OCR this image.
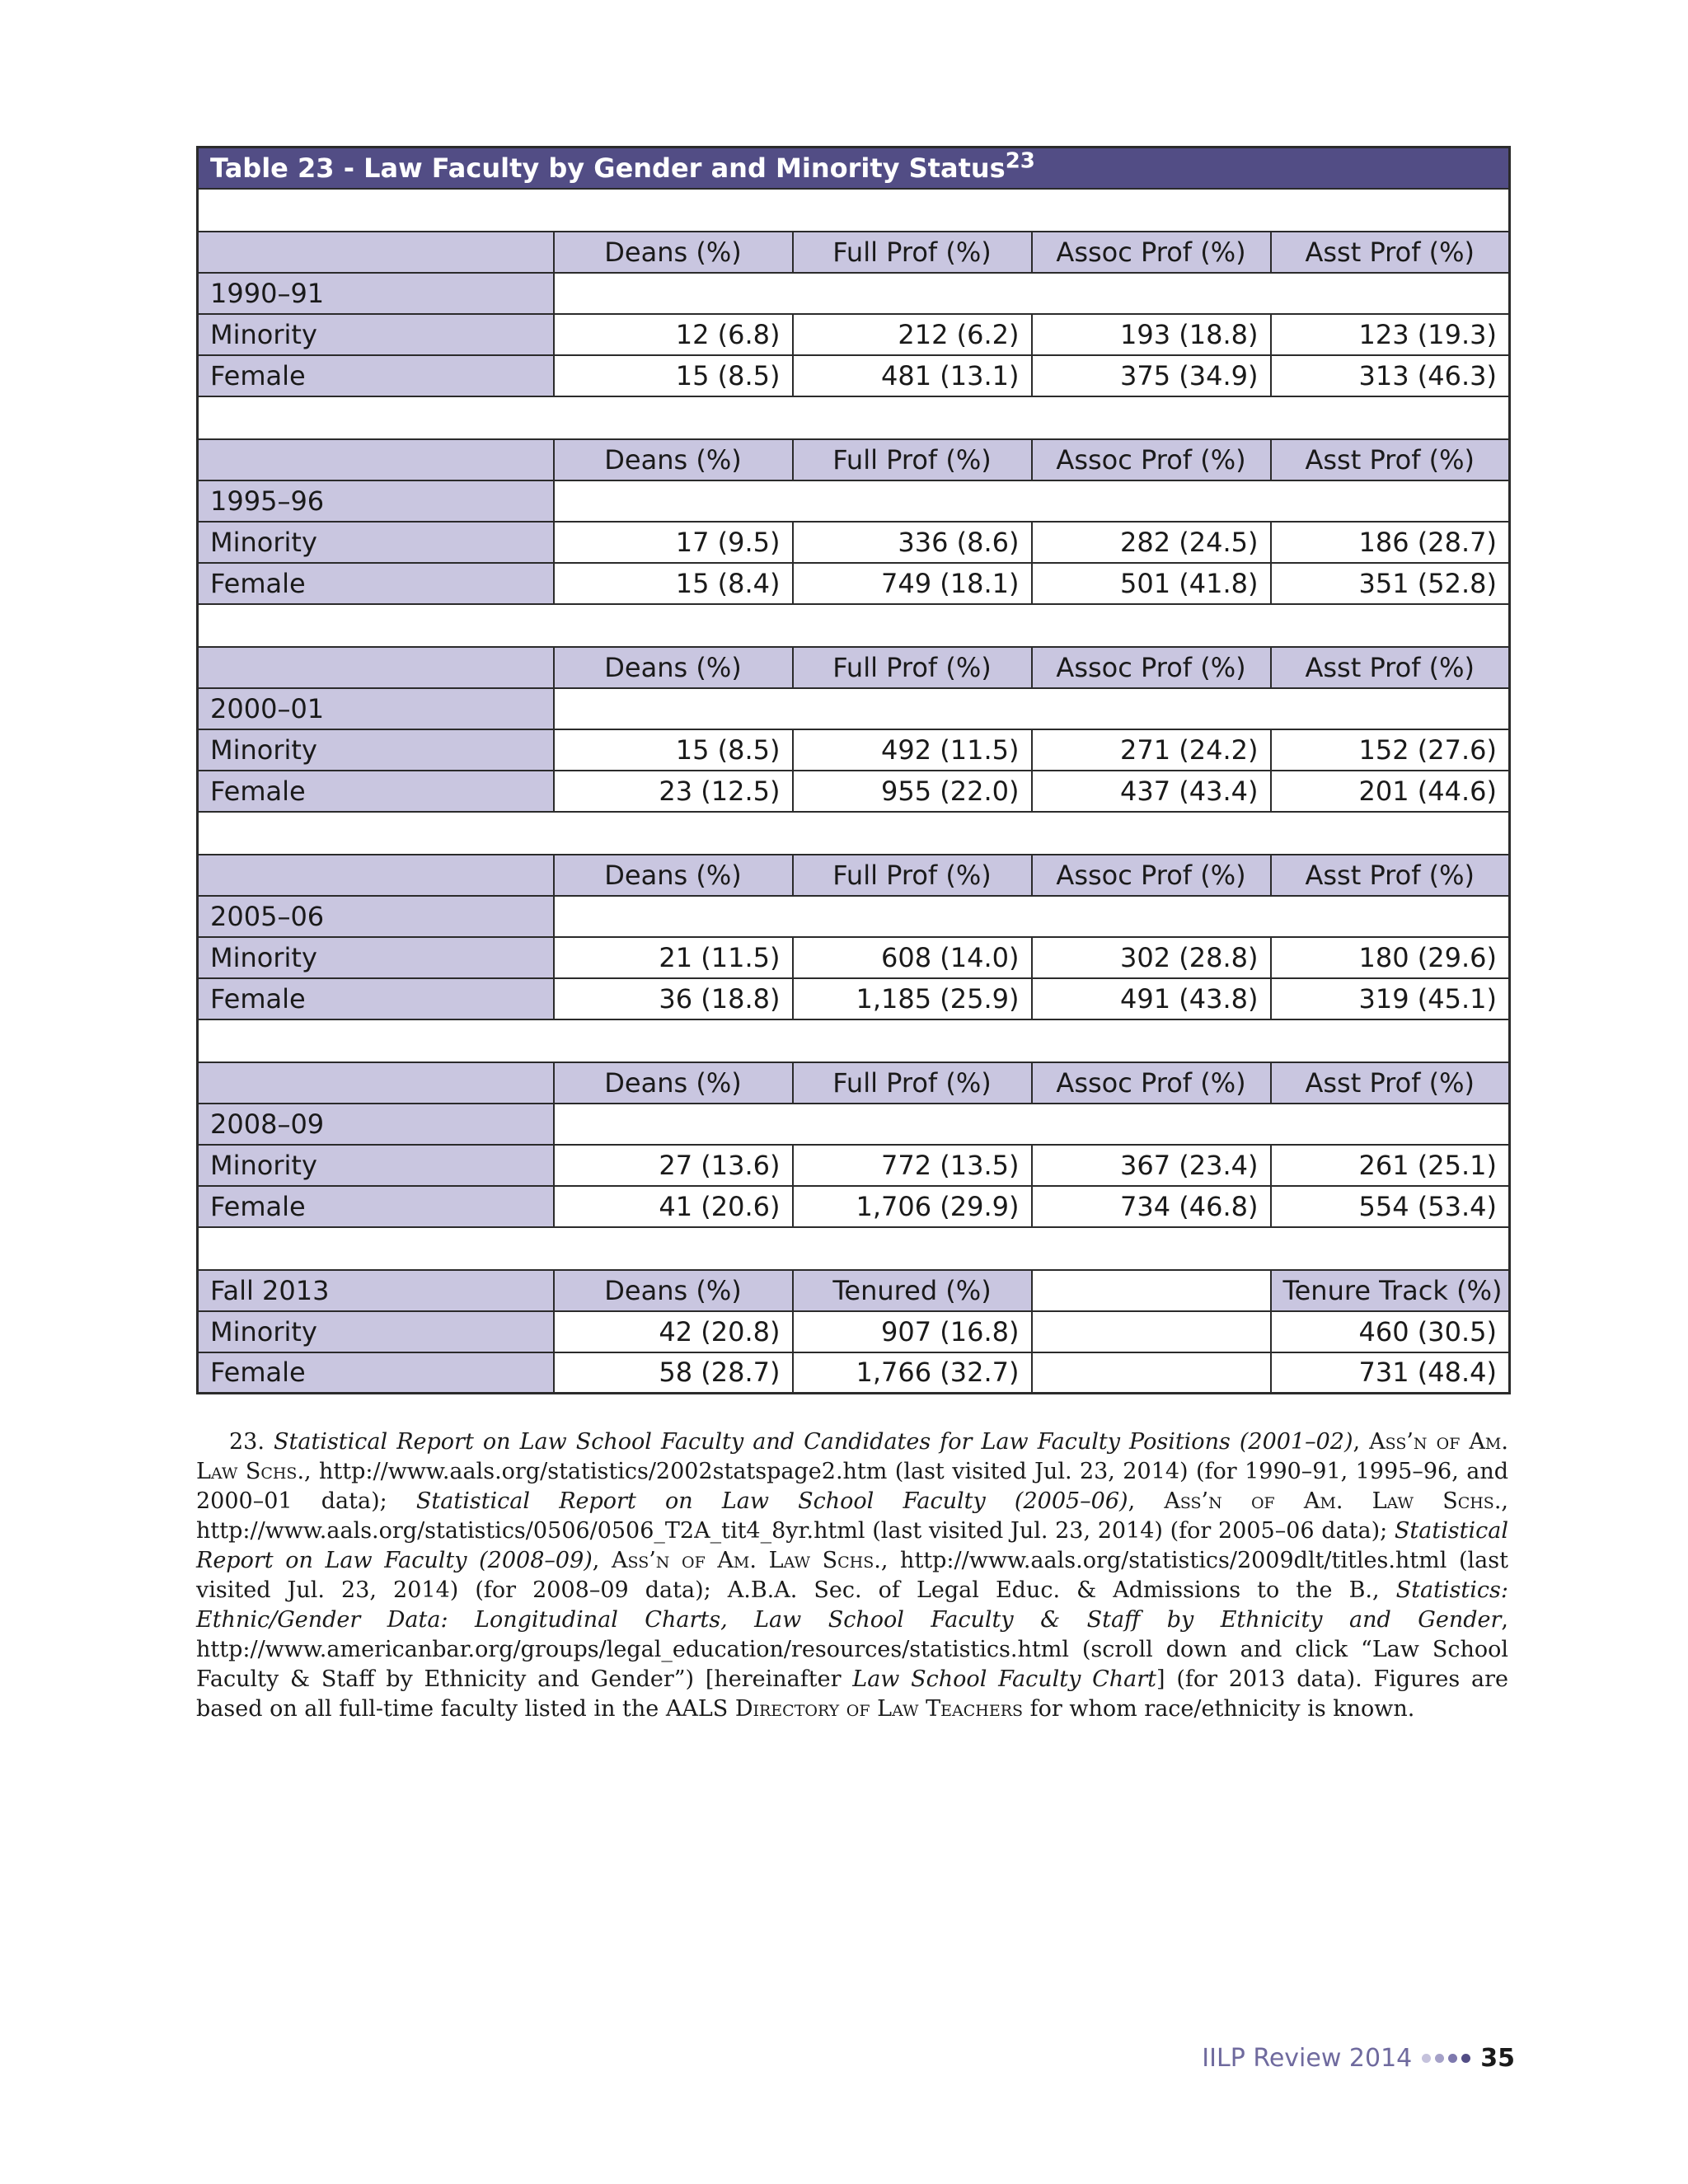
Table 23 - Law Faculty by Gender and Minority Status$^{23}$

	Deans (%)	Full Prof (%)	Assoc Prof (%)	Asst Prof (%)
1990–91				
Minority	12 (6.8)	212 (6.2)	193 (18.8)	123 (19.3)
Female	15 (8.5)	481 (13.1)	375 (34.9)	313 (46.3)

	Deans (%)	Full Prof (%)	Assoc Prof (%)	Asst Prof (%)
1995–96				
Minority	17 (9.5)	336 (8.6)	282 (24.5)	186 (28.7)
Female	15 (8.4)	749 (18.1)	501 (41.8)	351 (52.8)

	Deans (%)	Full Prof (%)	Assoc Prof (%)	Asst Prof (%)
2000–01				
Minority	15 (8.5)	492 (11.5)	271 (24.2)	152 (27.6)
Female	23 (12.5)	955 (22.0)	437 (43.4)	201 (44.6)

	Deans (%)	Full Prof (%)	Assoc Prof (%)	Asst Prof (%)
2005–06				
Minority	21 (11.5)	608 (14.0)	302 (28.8)	180 (29.6)
Female	36 (18.8)	1,185 (25.9)	491 (43.8)	319 (45.1)

	Deans (%)	Full Prof (%)	Assoc Prof (%)	Asst Prof (%)
2008–09				
Minority	27 (13.6)	772 (13.5)	367 (23.4)	261 (25.1)
Female	41 (20.6)	1,706 (29.9)	734 (46.8)	554 (53.4)

Fall 2013	Deans (%)	Tenured (%)		Tenure Track (%)
Minority	42 (20.8)	907 (16.8)		460 (30.5)
Female	58 (28.7)	1,766 (32.7)		731 (48.4)
23. Statistical Report on Law School Faculty and Candidates for Law Faculty Positions (2001–02), Ass’n of Am. Law Schs., http://www.aals.org/statistics/2002statspage2.htm (last visited Jul. 23, 2014) (for 1990–91, 1995–96, and 2000–01 data); Statistical Report on Law School Faculty (2005–06), Ass’n of Am. Law Schs., http://www.aals.org/statistics/0506/0506_T2A_tit4_8yr.html (last visited Jul. 23, 2014) (for 2005–06 data); Statistical Report on Law Faculty (2008–09), Ass’n of Am. Law Schs., http://www.aals.org/statistics/2009dlt/titles.html (last visited Jul. 23, 2014) (for 2008–09 data); A.B.A. Sec. of Legal Educ. & Admissions to the B., Statistics: Ethnic/Gender Data: Longitudinal Charts, Law School Faculty & Staff by Ethnicity and Gender, http://www.americanbar.org/groups/legal_education/resources/statistics.html (scroll down and click “Law School Faculty & Staff by Ethnicity and Gender”) [hereinafter Law School Faculty Chart] (for 2013 data). Figures are based on all full-time faculty listed in the AALS Directory of Law Teachers for whom race/ethnicity is known.
IILP Review 2014	35
